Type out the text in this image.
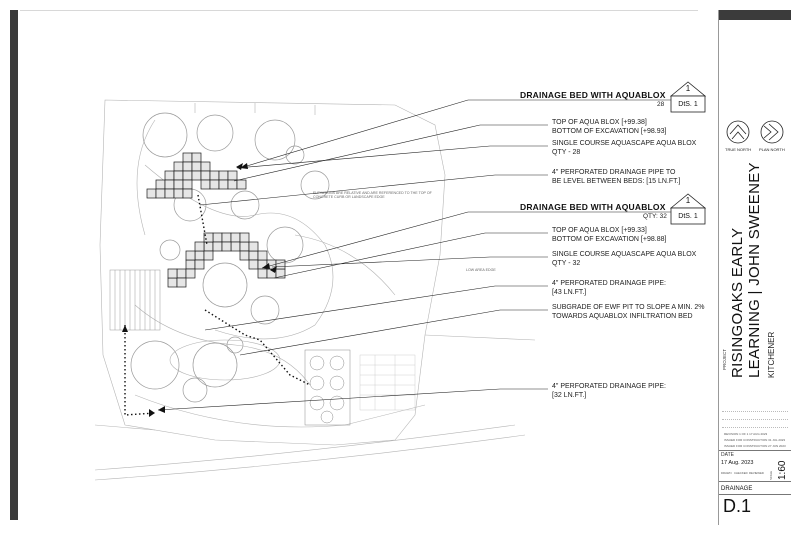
ELEVATIONS ARE RELATIVE AND ARE REFERENCED TO THE TOP OF
CONCRETE CURB OR LANDSCAPE EDGE
LOW AREA EDGE
DRAINAGE BED WITH AQUABLOX
28
1
DtS. 1
TOP OF AQUA BLOX [+99.38]
BOTTOM OF EXCAVATION [+98.93]
SINGLE COURSE AQUASCAPE AQUA BLOX
QTY - 28
4" PERFORATED DRAINAGE PIPE TO
BE LEVEL BETWEEN BEDS: [15 LN.FT.]
DRAINAGE BED WITH AQUABLOX
QTY: 32
1
DtS. 1
TOP OF AQUA BLOX [+99.33]
BOTTOM OF EXCAVATION [+98.88]
SINGLE COURSE AQUASCAPE AQUA BLOX
QTY - 32
4" PERFORATED DRAINAGE PIPE:
[43 LN.FT.]
SUBGRADE OF EWF PIT TO SLOPE A MIN. 2%
TOWARDS AQUABLOX INFILTRATION BED
4" PERFORATED DRAINAGE PIPE:
[32 LN.FT.]
TRUE NORTH PLAN NORTH
PROJECT RISINGOAKS EARLY LEARNING | JOHN SWEENEY KITCHENER
REVISION 1 OF 1 17 AUG 2023
ISSUED FOR CONSTRUCTION 31 JUL 2023
ISSUED FOR CONSTRUCTION 27 JUN 2023
DATE
17 Aug. 2023
DRAWN CHECKED REVIEWED SCALE 1:60
DRAINAGE
D.1
